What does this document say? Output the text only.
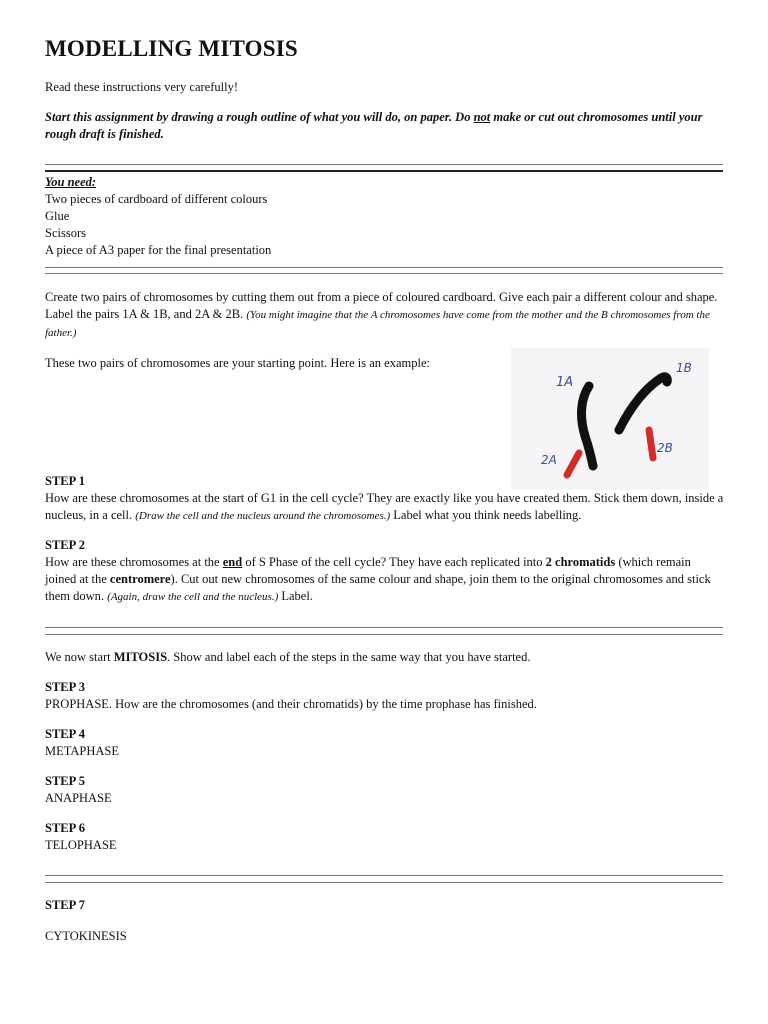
MODELLING MITOSIS
Read these instructions very carefully!
Start this assignment by drawing a rough outline of what you will do, on paper. Do not make or cut out chromosomes until your rough draft is finished.
You need:
Two pieces of cardboard of different colours
Glue
Scissors
A piece of A3 paper for the final presentation
Create two pairs of chromosomes by cutting them out from a piece of coloured cardboard. Give each pair a different colour and shape. Label the pairs 1A & 1B, and 2A & 2B. (You might imagine that the A chromosomes have come from the mother and the B chromosomes from the father.)
These two pairs of chromosomes are your starting point. Here is an example:
1A
1B
2A
2B
STEP 1
How are these chromosomes at the start of G1 in the cell cycle? They are exactly like you have created them. Stick them down, inside a nucleus, in a cell. (Draw the cell and the nucleus around the chromosomes.) Label what you think needs labelling.
STEP 2
How are these chromosomes at the end of S Phase of the cell cycle? They have each replicated into 2 chromatids (which remain joined at the centromere). Cut out new chromosomes of the same colour and shape, join them to the original chromosomes and stick them down. (Again, draw the cell and the nucleus.) Label.
We now start MITOSIS. Show and label each of the steps in the same way that you have started.
STEP 3
PROPHASE. How are the chromosomes (and their chromatids) by the time prophase has finished.
STEP 4
METAPHASE
STEP 5
ANAPHASE
STEP 6
TELOPHASE
STEP 7
CYTOKINESIS
